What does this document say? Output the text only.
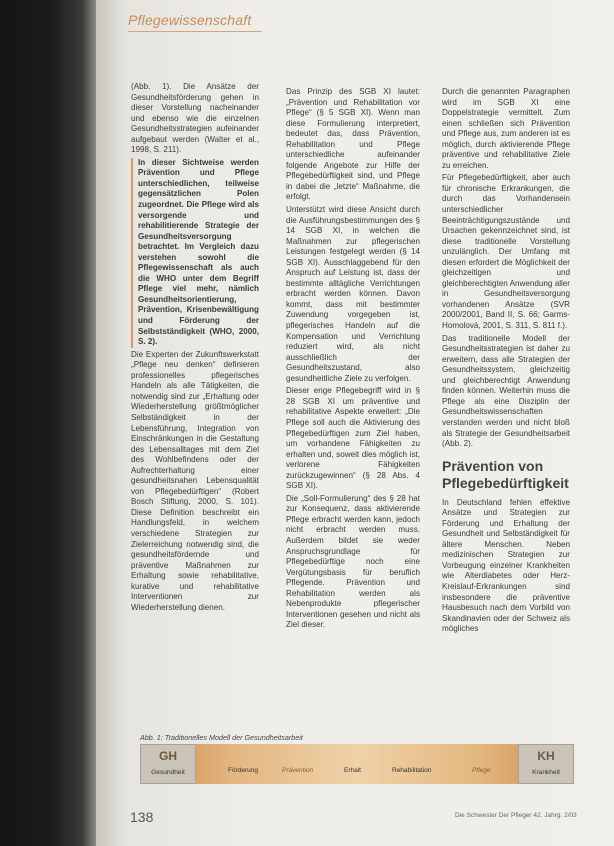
Pflegewissenschaft

(Abb. 1). Die Ansätze der Gesundheitsförderung gehen in dieser Vorstellung nacheinander und ebenso wie die einzelnen Gesundheitsstrategien aufeinander aufgebaut werden (Walter et al., 1998, S. 211).

In dieser Sichtweise werden Prävention und Pflege unterschiedlichen, teilweise gegensätzlichen Polen zugeordnet. Die Pflege wird als versorgende und rehabilitierende Strategie der Gesundheitsversorgung betrachtet. Im Vergleich dazu verstehen sowohl die Pflegewissenschaft als auch die WHO unter dem Begriff Pflege viel mehr, nämlich Gesundheitsorientierung, Prävention, Krisenbewältigung und Förderung der Selbstständigkeit (WHO, 2000, S. 2).

Die Experten der Zukunftswerkstatt „Pflege neu denken“ definieren professionelles pflegerisches Handeln als alle Tätigkeiten, die notwendig sind zur „Erhaltung oder Wiederherstellung größtmöglicher Selbständigkeit in der Lebensführung, Integration von Einschränkungen in die Gestaltung des Lebensalltages mit dem Ziel des Wohlbefindens oder der Aufrechterhaltung einer gesundheitsnahen Lebensqualität von Pflegebedürftigen“ (Robert Bosch Stiftung, 2000, S. 101). Diese Definition beschreibt ein Handlungsfeld, in welchem verschiedene Strategien zur Zielerreichung notwendig sind, die gesundheitsfördernde und präventive Maßnahmen zur Erhaltung sowie rehabilitative, kurative und rehabilitative Interventionen zur Wiederherstellung dienen.

Das Prinzip des SGB XI lautet: „Prävention und Rehabilitation vor Pflege“ (§ 5 SGB XI). Wenn man diese Formulierung interpretiert, bedeutet das, dass Prävention, Rehabilitation und Pflege unterschiedliche aufeinander folgende Angebote zur Hilfe der Pflegebedürftigkeit sind, und Pflege in dabei die „letzte“ Maßnahme, die erfolgt.

Unterstützt wird diese Ansicht durch die Ausführungsbestimmungen des § 14 SGB XI, in welchen die Maßnahmen zur pflegerischen Leistungen festgelegt werden (§ 14 SGB XI). Ausschlaggebend für den Anspruch auf Leistung ist, dass der bestimmte alltägliche Verrichtungen erbracht werden können. Davon kommt, dass mit bestimmter Zuwendung vorgegeben ist, pflegerisches Handeln auf die Kompensation und Verrichtung reduziert wird, als nicht ausschließlich der Gesundheitszustand, also gesundheitliche Ziele zu verfolgen.

Dieser enge Pflegebegriff wird in § 28 SGB XI um präventive und rehabilitative Aspekte erweitert: „Die Pflege soll auch die Aktivierung des Pflegebedürftigen zum Ziel haben, um vorhandene Fähigkeiten zu erhalten und, soweit dies möglich ist, verlorene Fähigkeiten zurückzugewinnen“ (§ 28 Abs. 4 SGB XI).

Die „Soll-Formulierung“ des § 28 hat zur Konsequenz, dass aktivierende Pflege erbracht werden kann, jedoch nicht erbracht werden muss. Außerdem bildet sie weder Anspruchsgrundlage für Pflegebedürftige noch eine Vergütungsbasis für beruflich Pflegende. Prävention und Rehabilitation werden als Nebenprodukte pflegerischer Interventionen gesehen und nicht als Ziel dieser.

Durch die genannten Paragraphen wird im SGB XI eine Doppelstrategie vermittelt. Zum einen schließen sich Prävention und Pflege aus, zum anderen ist es möglich, durch aktivierende Pflege präventive und rehabilitative Ziele zu erreichen.

Für Pflegebedürftigkeit, aber auch für chronische Erkrankungen, die durch das Vorhandensein unterschiedlicher Beeinträchtigungszustände und Ursachen gekennzeichnet sind, ist diese traditionelle Vorstellung unzulänglich. Der Umfang mit diesen erfordert die Möglichkeit der gleichzeitigen und gleichberechtigten Anwendung aller in Gesundheitsversorgung vorhandenen Ansätze (SVR 2000/2001, Band II, S. 66; Garms-Homolová, 2001, S. 311, S. 811 f.).

Das traditionelle Modell der Gesundheitsstrategien ist daher zu erweitern, dass alle Strategien der Gesundheitssystem, gleichzeitig und gleichberechtigt Anwendung finden können. Weiterhin muss die Pflege als eine Disziplin der Gesundheitswissenschaften verstanden werden und nicht bloß als Strategie der Gesundheitsarbeit (Abb. 2).

Prävention von Pflegebedürftigkeit

In Deutschland fehlen effektive Ansätze und Strategien zur Förderung und Erhaltung der Gesundheit und Selbständigkeit für ältere Menschen. Neben medizinischen Strategien zur Vorbeugung einzelner Krankheiten wie Alterdiabetes oder Herz-Kreislauf-Erkrankungen sind insbesondere die präventive Hausbesuch nach dem Vorbild von Skandinavien oder der Schweiz als mögliches

Abb. 1: Traditionelles Modell der Gesundheitsarbeit
GH
Gesundheit
KH
Krankheit
Förderung	Prävention	Erhalt	Rehabilitation	Pflege
138	Die Schwester Der Pfleger 42. Jahrg. 2/03
